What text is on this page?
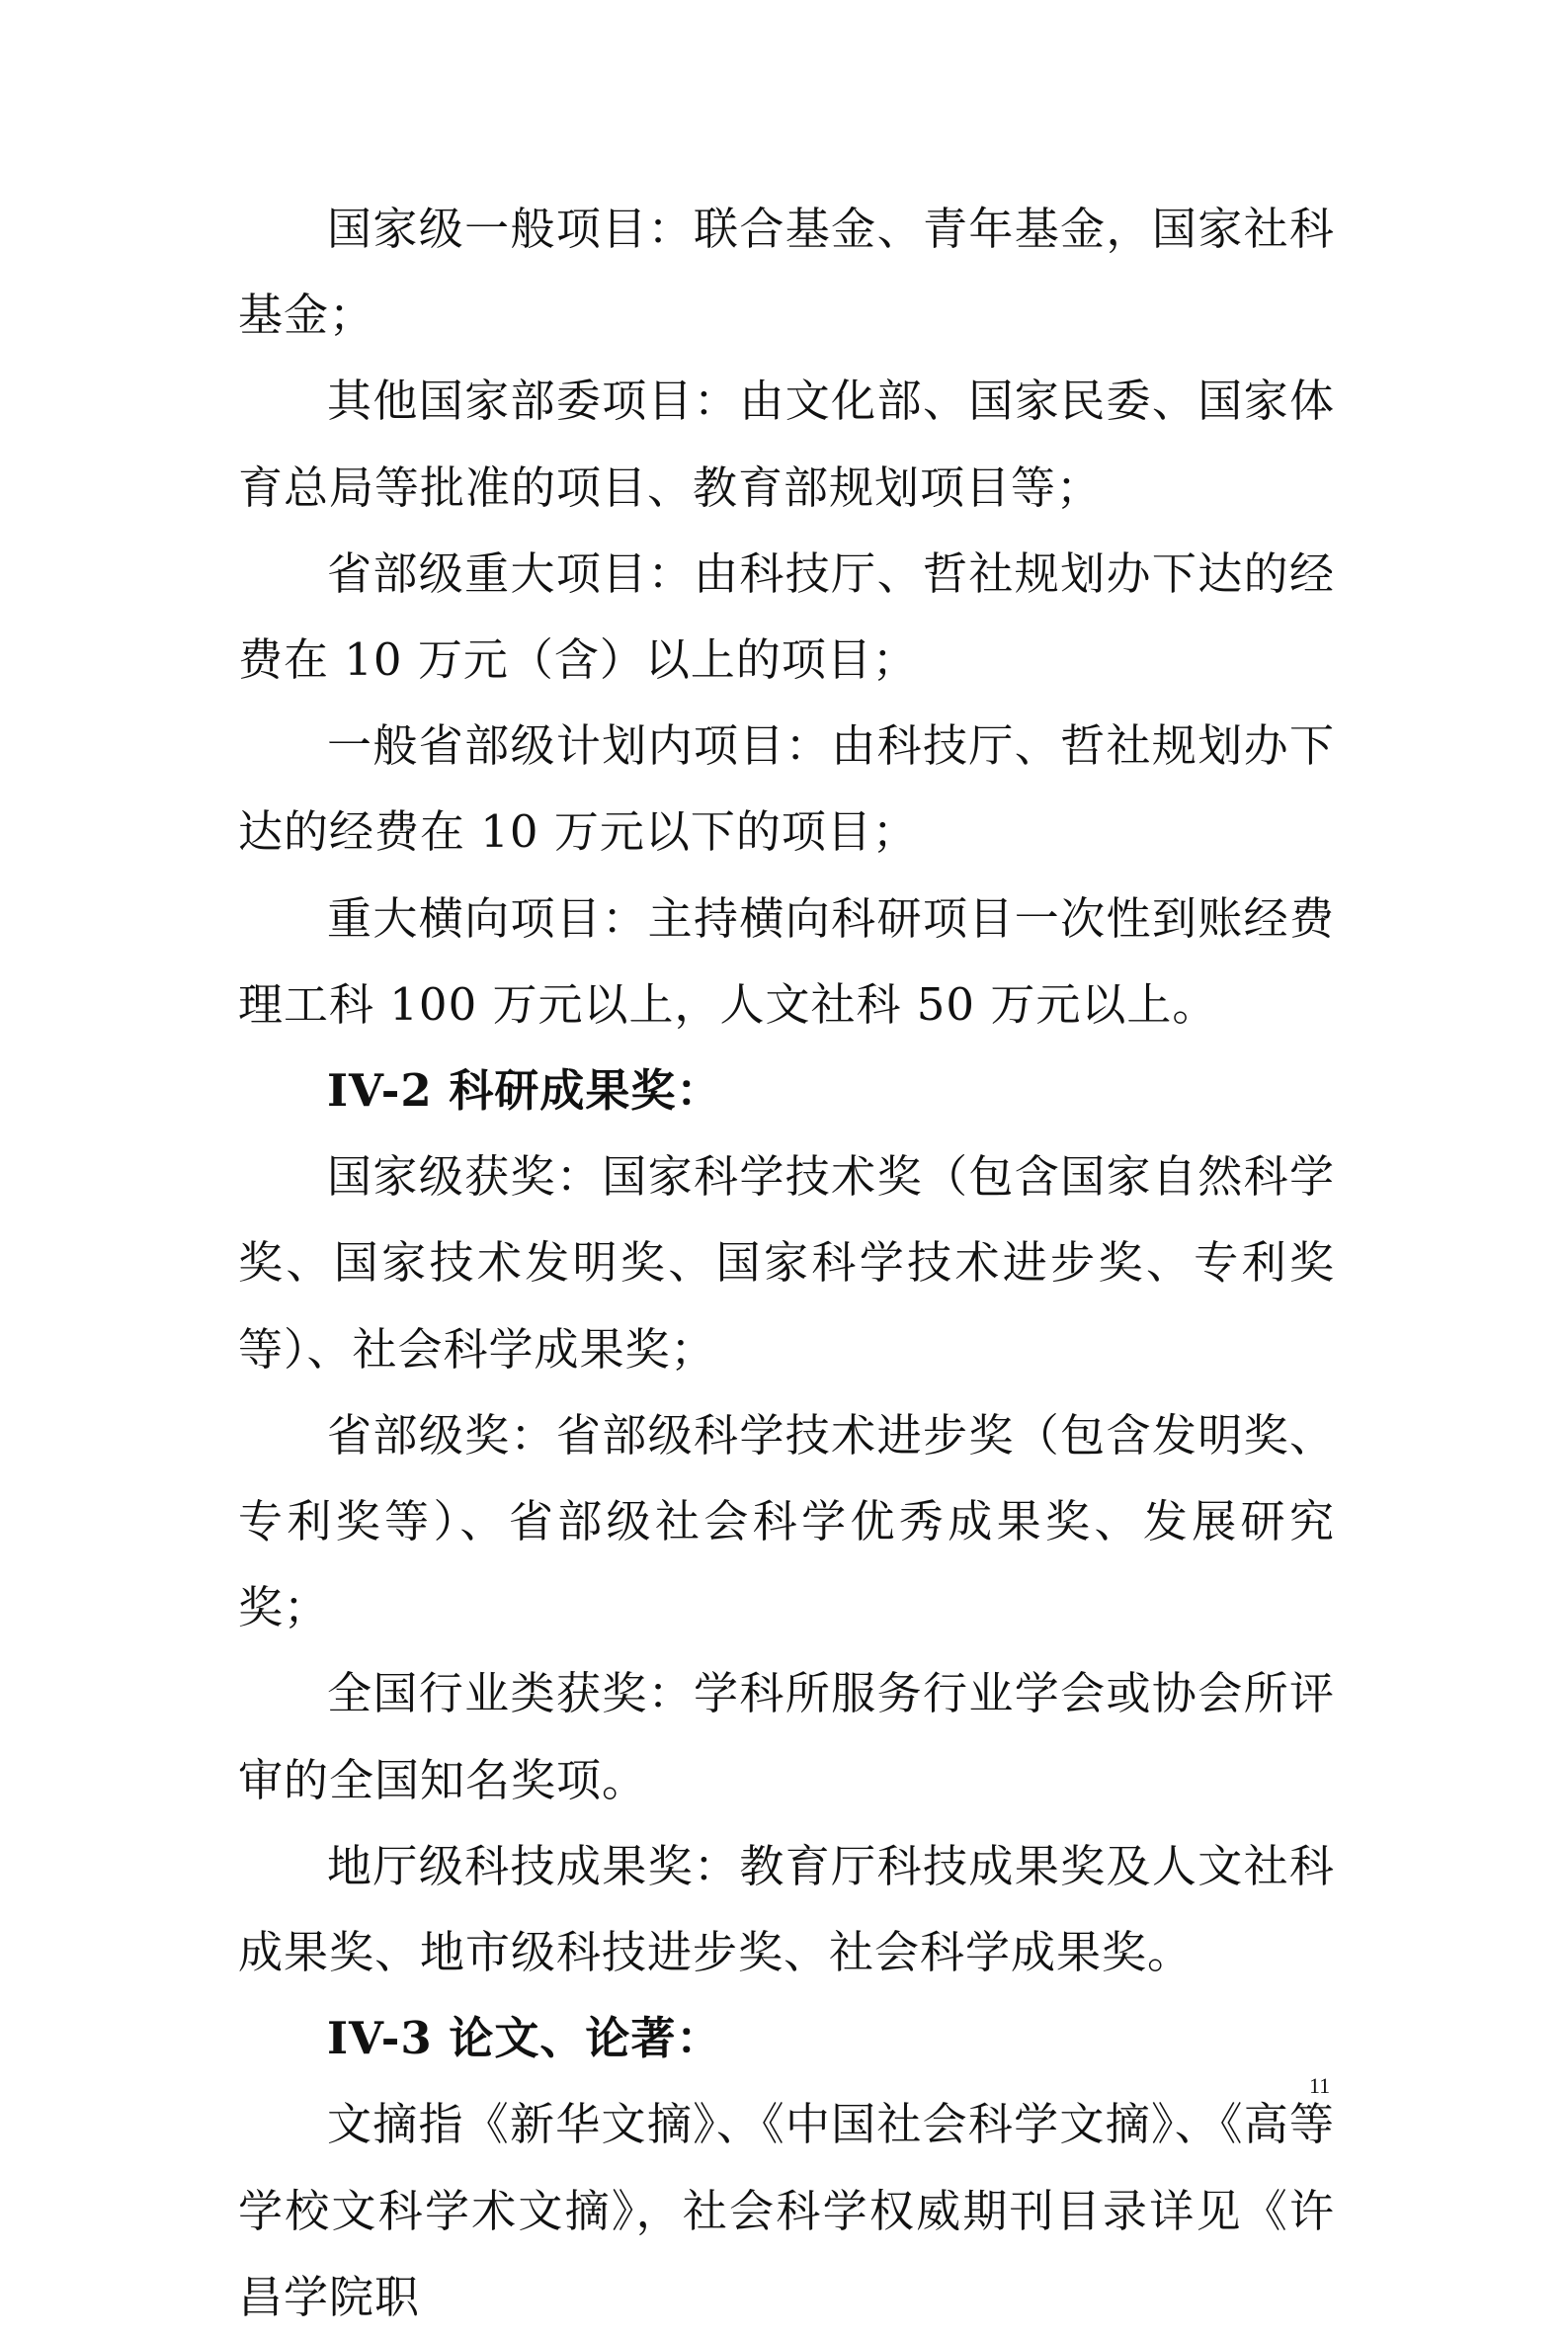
国家级一般项目：联合基金、青年基金，国家社科基金；

其他国家部委项目：由文化部、国家民委、国家体育总局等批准的项目、教育部规划项目等；

省部级重大项目：由科技厅、哲社规划办下达的经费在 10 万元（含）以上的项目；

一般省部级计划内项目：由科技厅、哲社规划办下达的经费在 10 万元以下的项目；

重大横向项目：主持横向科研项目一次性到账经费理工科 100 万元以上，人文社科 50 万元以上。

IV-2 科研成果奖：

国家级获奖：国家科学技术奖（包含国家自然科学奖、国家技术发明奖、国家科学技术进步奖、专利奖等）、社会科学成果奖；

省部级奖：省部级科学技术进步奖（包含发明奖、专利奖等）、省部级社会科学优秀成果奖、发展研究奖；

全国行业类获奖：学科所服务行业学会或协会所评审的全国知名奖项。

地厅级科技成果奖：教育厅科技成果奖及人文社科成果奖、地市级科技进步奖、社会科学成果奖。

IV-3 论文、论著：

文摘指《新华文摘》、《中国社会科学文摘》、《高等学校文科学术文摘》，社会科学权威期刊目录详见《许昌学院职

11
